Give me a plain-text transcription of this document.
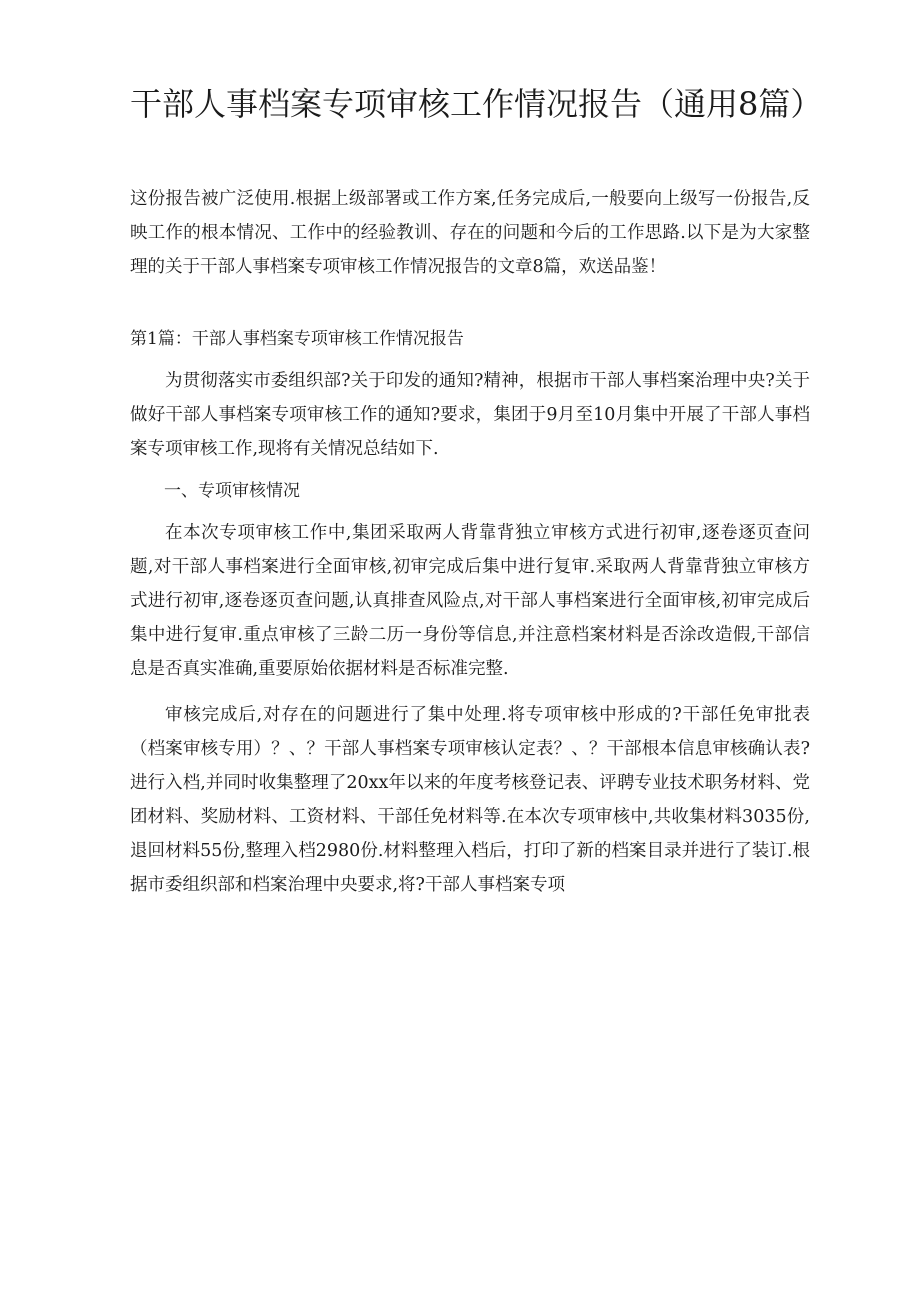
干部人事档案专项审核工作情况报告（通用8篇）

这份报告被广泛使用.根据上级部署或工作方案,任务完成后,一般要向上级写一份报告,反映工作的根本情况、工作中的经验教训、存在的问题和今后的工作思路.以下是为大家整理的关于干部人事档案专项审核工作情况报告的文章8篇，欢送品鉴！

第1篇：干部人事档案专项审核工作情况报告

为贯彻落实市委组织部?关于印发的通知?精神，根据市干部人事档案治理中央?关于做好干部人事档案专项审核工作的通知?要求，集团于9月至10月集中开展了干部人事档案专项审核工作,现将有关情况总结如下.

一、专项审核情况

在本次专项审核工作中,集团采取两人背靠背独立审核方式进行初审,逐卷逐页查问题,对干部人事档案进行全面审核,初审完成后集中进行复审.采取两人背靠背独立审核方式进行初审,逐卷逐页查问题,认真排查风险点,对干部人事档案进行全面审核,初审完成后集中进行复审.重点审核了三龄二历一身份等信息,并注意档案材料是否涂改造假,干部信息是否真实准确,重要原始依据材料是否标准完整.

审核完成后,对存在的问题进行了集中处理.将专项审核中形成的?干部任免审批表（档案审核专用）？、？干部人事档案专项审核认定表？、？干部根本信息审核确认表?进行入档,并同时收集整理了20xx年以来的年度考核登记表、评聘专业技术职务材料、党团材料、奖励材料、工资材料、干部任免材料等.在本次专项审核中,共收集材料3035份,退回材料55份,整理入档2980份.材料整理入档后，打印了新的档案目录并进行了装订.根据市委组织部和档案治理中央要求,将?干部人事档案专项
